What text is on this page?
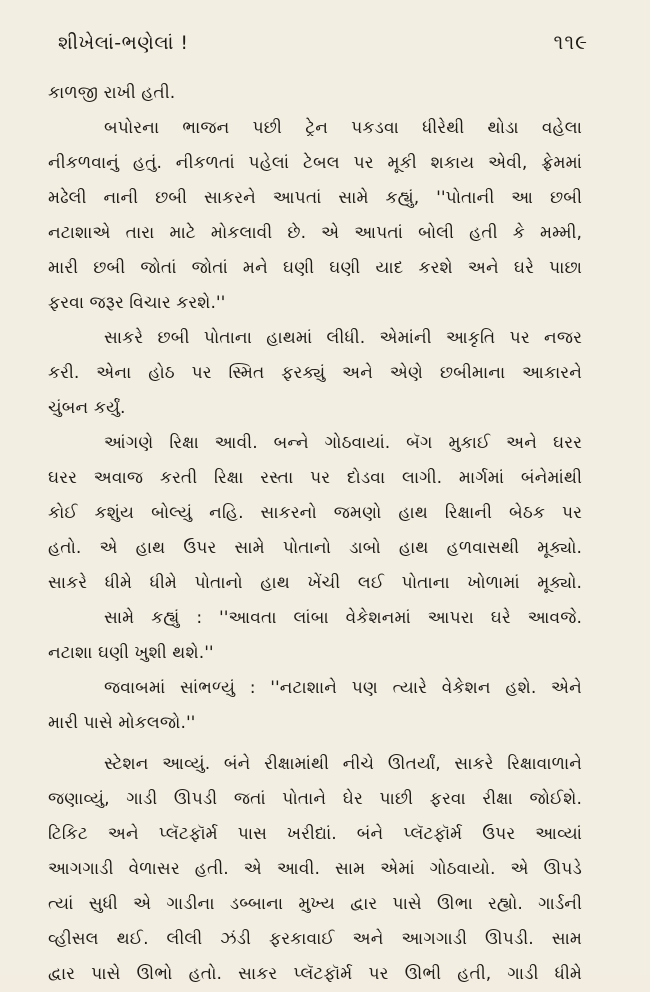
શીખેલાં-ભણેલાં !	૧૧૯
કાળજી રાખી હતી.
બપોરના ભાજન પછી ટ્રેન પકડવા ધીરેથી થોડા વહેલા
નીકળવાનું હતું. નીકળતાં પહેલાં ટેબલ પર મૂકી શકાય એવી, ફ્રેમમાં
મઢેલી નાની છબી સાકરને આપતાં સામે કહ્યું, ''પોતાની આ છબી
નટાશાએ તારા માટે મોકલાવી છે. એ આપતાં બોલી હતી કે મમ્મી,
મારી છબી જોતાં જોતાં મને ઘણી ઘણી યાદ કરશે અને ઘરે પાછા
ફરવા જરૂર વિચાર કરશે.''
સાકરે છબી પોતાના હાથમાં લીધી. એમાંની આકૃતિ પર નજર
કરી. એના હોઠ પર સ્મિત ફરક્યું અને એણે છબીમાના આકારને
ચુંબન કર્યું.
આંગણે રિક્ષા આવી. બન્ને ગોઠવાયાં. બૅગ મુકાઈ અને ઘરર
ઘરર અવાજ કરતી રિક્ષા રસ્તા પર દોડવા લાગી. માર્ગમાં બંનેમાંથી
કોઈ કશુંય બોલ્યું નહિ. સાકરનો જમણો હાથ રિક્ષાની બેઠક પર
હતો. એ હાથ ઉપર સામે પોતાનો ડાબો હાથ હળવાસથી મૂક્યો.
સાકરે ધીમે ધીમે પોતાનો હાથ ખેંચી લઈ પોતાના ખોળામાં મૂક્યો.
સામે કહ્યું : ''આવતા લાંબા વેકેશનમાં આપરા ઘરે આવજે.
નટાશા ઘણી ખુશી થશે.''
જવાબમાં સાંભળ્યું : ''નટાશાને પણ ત્યારે વેકેશન હશે. એને
મારી પાસે મોકલજો.''
સ્ટેશન આવ્યું. બંને રીક્ષામાંથી નીચે ઊતર્યાં, સાકરે રિક્ષાવાળાને
જણાવ્યું, ગાડી ઊપડી જતાં પોતાને ઘેર પાછી ફરવા રીક્ષા જોઈશે.
ટિકિટ અને પ્લૅટફૉર્મ પાસ ખરીદ્યાં. બંને પ્લૅટફૉર્મ ઉપર આવ્યાં
આગગાડી વેળાસર હતી. એ આવી. સામ એમાં ગોઠવાયો. એ ઊપડે
ત્યાં સુધી એ ગાડીના ડબ્બાના મુખ્ય દ્વાર પાસે ઊભા રહ્યો. ગાર્ડની
વ્હીસલ થઈ. લીલી ઝંડી ફરકાવાઈ અને આગગાડી ઊપડી. સામ
દ્વાર પાસે ઊભો હતો. સાકર પ્લૅટફૉર્મ પર ઊભી હતી, ગાડી ધીમે
